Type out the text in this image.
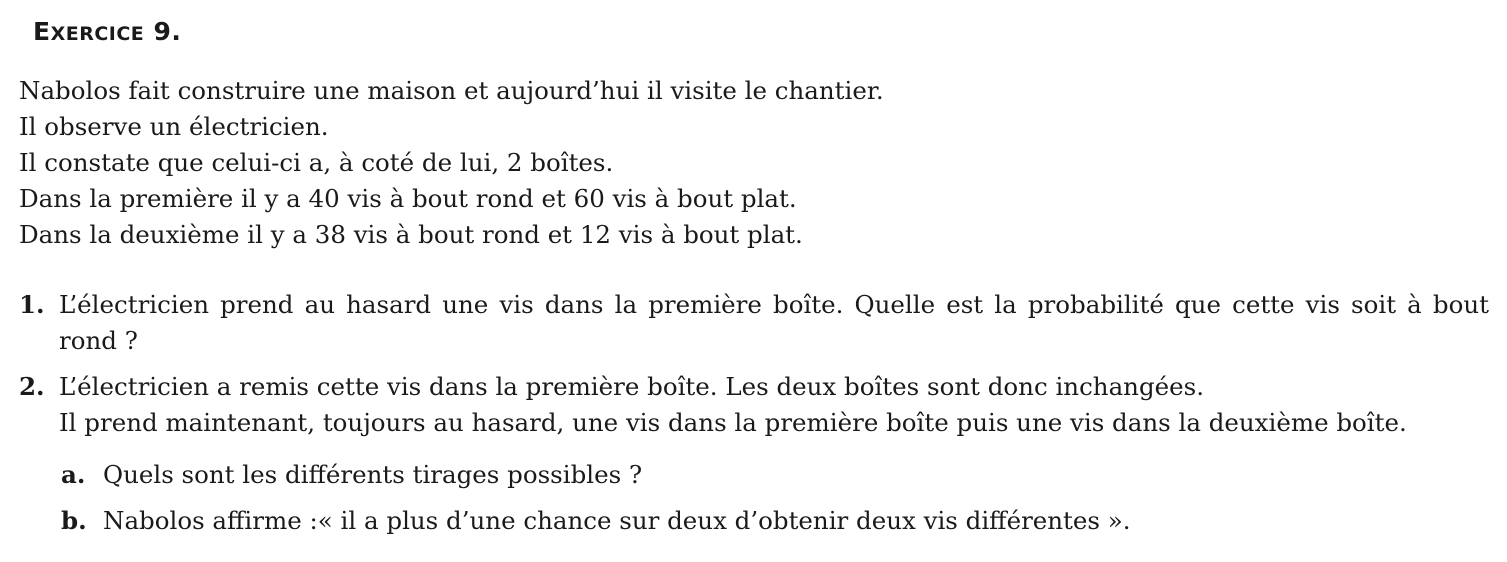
EXERCICE 9.
Nabolos fait construire une maison et aujourd’hui il visite le chantier.
Il observe un électricien.
Il constate que celui-ci a, à coté de lui, 2 boîtes.
Dans la première il y a 40 vis à bout rond et 60 vis à bout plat.
Dans la deuxième il y a 38 vis à bout rond et 12 vis à bout plat.
1. L’électricien prend au hasard une vis dans la première boîte. Quelle est la probabilité que cette vis soit à bout rond ?
2. L’électricien a remis cette vis dans la première boîte. Les deux boîtes sont donc inchangées.
Il prend maintenant, toujours au hasard, une vis dans la première boîte puis une vis dans la deuxième boîte.
a. Quels sont les différents tirages possibles ?
b. Nabolos affirme :« il a plus d’une chance sur deux d’obtenir deux vis différentes ».
